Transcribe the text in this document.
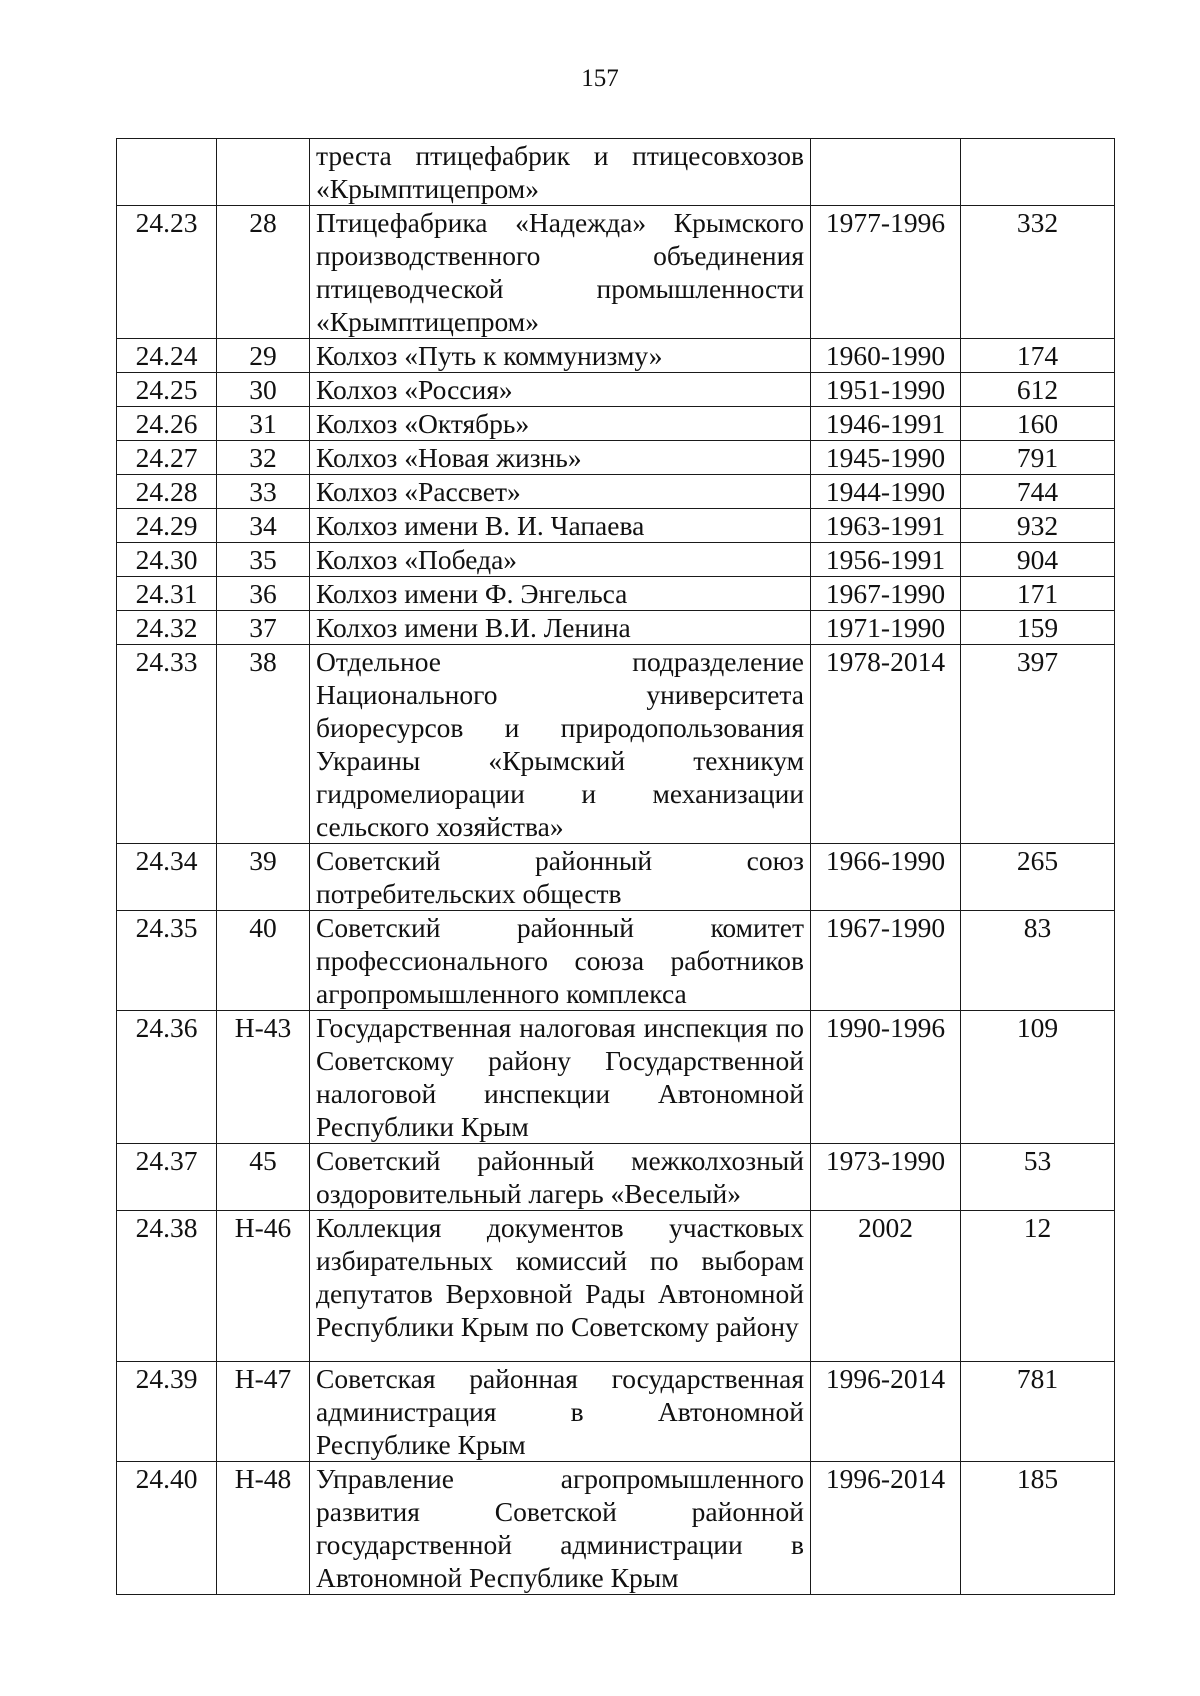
157
		треста птицефабрик и птицесовхозов «Крымптицепром»		
24.23	28	Птицефабрика «Надежда» Крымского производственного объединения птицеводческой промышленности «Крымптицепром»	1977-1996	332
24.24	29	Колхоз «Путь к коммунизму»	1960-1990	174
24.25	30	Колхоз «Россия»	1951-1990	612
24.26	31	Колхоз «Октябрь»	1946-1991	160
24.27	32	Колхоз «Новая жизнь»	1945-1990	791
24.28	33	Колхоз «Рассвет»	1944-1990	744
24.29	34	Колхоз имени В. И. Чапаева	1963-1991	932
24.30	35	Колхоз «Победа»	1956-1991	904
24.31	36	Колхоз имени Ф. Энгельса	1967-1990	171
24.32	37	Колхоз имени В.И. Ленина	1971-1990	159
24.33	38	Отдельное подразделение Национального университета биоресурсов и природопользования Украины «Крымский техникум гидромелиорации и механизации сельского хозяйства»	1978-2014	397
24.34	39	Советский районный союз потребительских обществ	1966-1990	265
24.35	40	Советский районный комитет профессионального союза работников агропромышленного комплекса	1967-1990	83
24.36	Н-43	Государственная налоговая инспекция по Советскому району Государственной налоговой инспекции Автономной Республики Крым	1990-1996	109
24.37	45	Советский районный межколхозный оздоровительный лагерь «Веселый»	1973-1990	53
24.38	Н-46	Коллекция документов участковых избирательных комиссий по выборам депутатов Верховной Рады Автономной Республики Крым по Советскому району	2002	12
24.39	Н-47	Советская районная государственная администрация в Автономной Республике Крым	1996-2014	781
24.40	Н-48	Управление агропромышленного развития Советской районной государственной администрации в Автономной Республике Крым	1996-2014	185
